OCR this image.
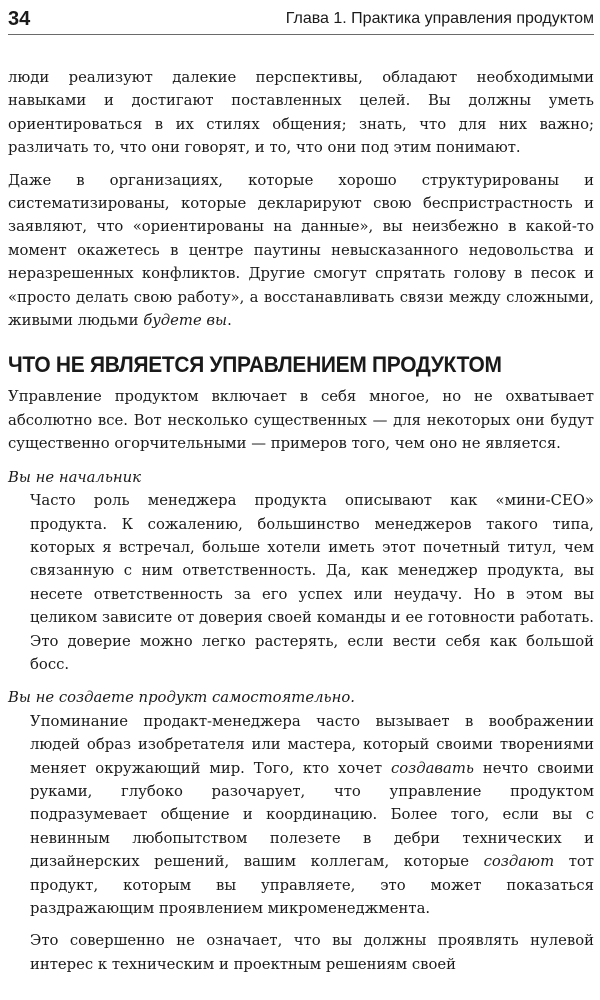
34	Глава 1. Практика управления продуктом

люди реализуют далекие перспективы, обладают необходимыми навыками и достигают поставленных целей. Вы должны уметь ориентироваться в их стилях общения; знать, что для них важно; различать то, что они говорят, и то, что они под этим понимают.

Даже в организациях, которые хорошо структурированы и систематизированы, которые декларируют свою беспристрастность и заявляют, что «ориентированы на данные», вы неизбежно в какой-то момент окажетесь в центре паутины невысказанного недовольства и неразрешенных конфликтов. Другие смогут спрятать голову в песок и «просто делать свою работу», а восстанавливать связи между сложными, живыми людьми будете вы.

ЧТО НЕ ЯВЛЯЕТСЯ УПРАВЛЕНИЕМ ПРОДУКТОМ

Управление продуктом включает в себя многое, но не охватывает абсолютно все. Вот несколько существенных — для некоторых они будут существенно огорчительными — примеров того, чем оно не является.

Вы не начальник

Часто роль менеджера продукта описывают как «мини-CEO» продукта. К сожалению, большинство менеджеров такого типа, которых я встречал, больше хотели иметь этот почетный титул, чем связанную с ним ответственность. Да, как менеджер продукта, вы несете ответственность за его успех или неудачу. Но в этом вы целиком зависите от доверия своей команды и ее готовности работать. Это доверие можно легко растерять, если вести себя как большой босс.

Вы не создаете продукт самостоятельно.

Упоминание продакт-менеджера часто вызывает в воображении людей образ изобретателя или мастера, который своими творениями меняет окружающий мир. Того, кто хочет создавать нечто своими руками, глубоко разочарует, что управление продуктом подразумевает общение и координацию. Более того, если вы с невинным любопытством полезете в дебри технических и дизайнерских решений, вашим коллегам, которые создают тот продукт, которым вы управляете, это может показаться раздражающим проявлением микроменеджмента.

Это совершенно не означает, что вы должны проявлять нулевой интерес к техническим и проектным решениям своей
